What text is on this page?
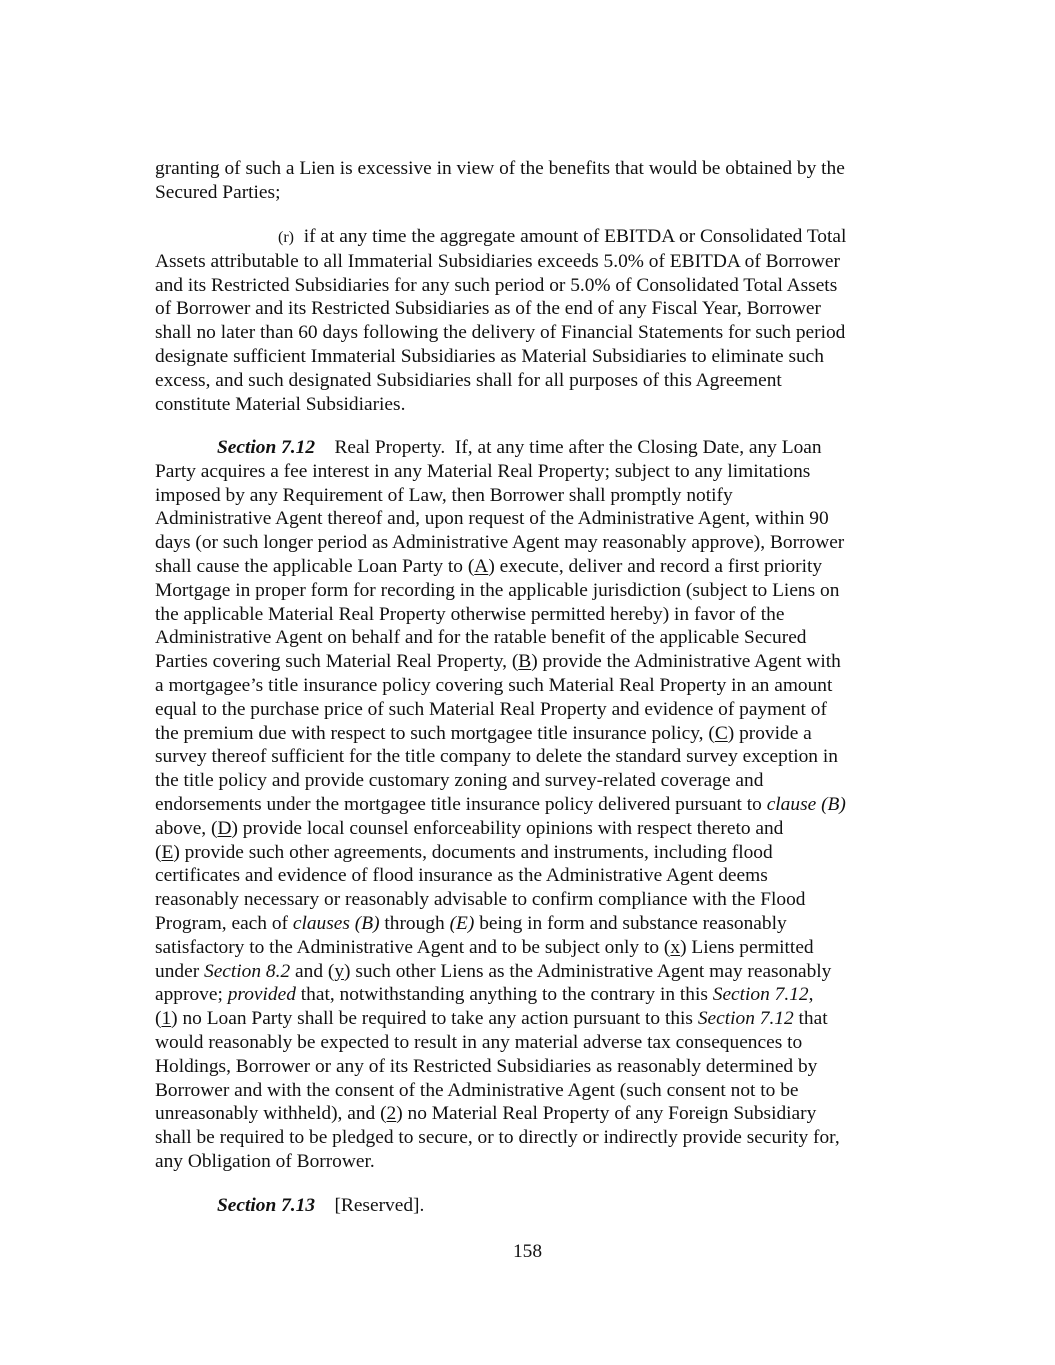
granting of such a Lien is excessive in view of the benefits that would be obtained by the
Secured Parties;

(r) if at any time the aggregate amount of EBITDA or Consolidated Total
Assets attributable to all Immaterial Subsidiaries exceeds 5.0% of EBITDA of Borrower
and its Restricted Subsidiaries for any such period or 5.0% of Consolidated Total Assets
of Borrower and its Restricted Subsidiaries as of the end of any Fiscal Year, Borrower
shall no later than 60 days following the delivery of Financial Statements for such period
designate sufficient Immaterial Subsidiaries as Material Subsidiaries to eliminate such
excess, and such designated Subsidiaries shall for all purposes of this Agreement
constitute Material Subsidiaries.

Section 7.12 Real Property. If, at any time after the Closing Date, any Loan
Party acquires a fee interest in any Material Real Property; subject to any limitations
imposed by any Requirement of Law, then Borrower shall promptly notify
Administrative Agent thereof and, upon request of the Administrative Agent, within 90
days (or such longer period as Administrative Agent may reasonably approve), Borrower
shall cause the applicable Loan Party to (A) execute, deliver and record a first priority
Mortgage in proper form for recording in the applicable jurisdiction (subject to Liens on
the applicable Material Real Property otherwise permitted hereby) in favor of the
Administrative Agent on behalf and for the ratable benefit of the applicable Secured
Parties covering such Material Real Property, (B) provide the Administrative Agent with
a mortgagee’s title insurance policy covering such Material Real Property in an amount
equal to the purchase price of such Material Real Property and evidence of payment of
the premium due with respect to such mortgagee title insurance policy, (C) provide a
survey thereof sufficient for the title company to delete the standard survey exception in
the title policy and provide customary zoning and survey-related coverage and
endorsements under the mortgagee title insurance policy delivered pursuant to clause (B)
above, (D) provide local counsel enforceability opinions with respect thereto and
(E) provide such other agreements, documents and instruments, including flood
certificates and evidence of flood insurance as the Administrative Agent deems
reasonably necessary or reasonably advisable to confirm compliance with the Flood
Program, each of clauses (B) through (E) being in form and substance reasonably
satisfactory to the Administrative Agent and to be subject only to (x) Liens permitted
under Section 8.2 and (y) such other Liens as the Administrative Agent may reasonably
approve; provided that, notwithstanding anything to the contrary in this Section 7.12,
(1) no Loan Party shall be required to take any action pursuant to this Section 7.12 that
would reasonably be expected to result in any material adverse tax consequences to
Holdings, Borrower or any of its Restricted Subsidiaries as reasonably determined by
Borrower and with the consent of the Administrative Agent (such consent not to be
unreasonably withheld), and (2) no Material Real Property of any Foreign Subsidiary
shall be required to be pledged to secure, or to directly or indirectly provide security for,
any Obligation of Borrower.

Section 7.13 [Reserved].

158
